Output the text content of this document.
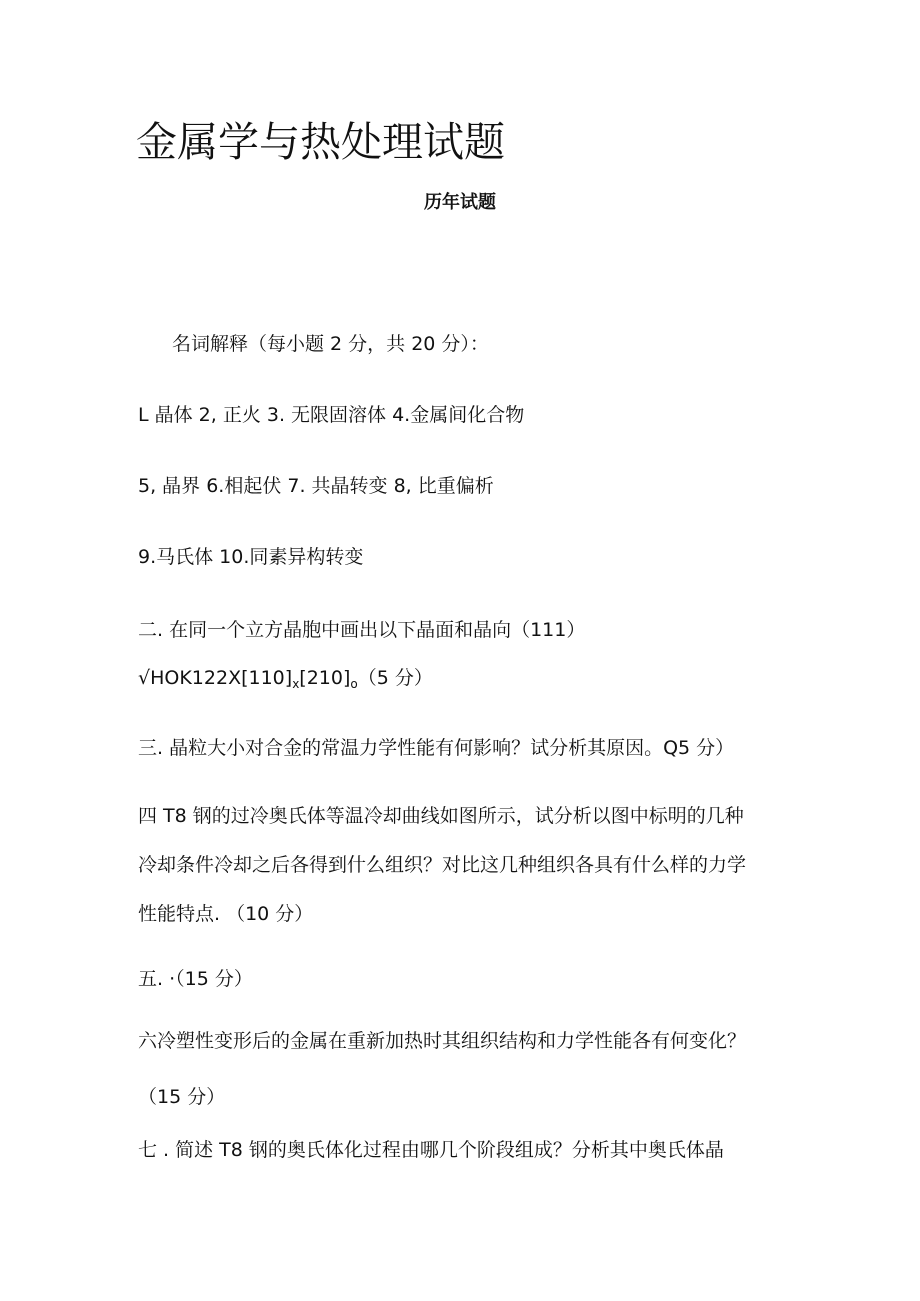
金属学与热处理试题
历年试题
名词解释（每小题 2 分，共 20 分）：
L 晶体 2, 正火 3. 无限固溶体 4.金属间化合物
5, 晶界 6.相起伏 7. 共晶转变 8, 比重偏析
9.马氏体 10.同素异构转变
二. 在同一个立方晶胞中画出以下晶面和晶向（111）
$√HOK122X[110]_x[210]_o(5$ 分）
三. 晶粒大小对合金的常温力学性能有何影响？试分析其原因。Q5 分）
四 T8 钢的过冷奥氏体等温冷却曲线如图所示，试分析以图中标明的几种
冷却条件冷却之后各得到什么组织？对比这几种组织各具有什么样的力学
性能特点. （10 分）
五. ·（15 分）
六冷塑性变形后的金属在重新加热时其组织结构和力学性能各有何变化？
（15 分）
七 . 简述 T8 钢的奥氏体化过程由哪几个阶段组成？分析其中奥氏体晶
